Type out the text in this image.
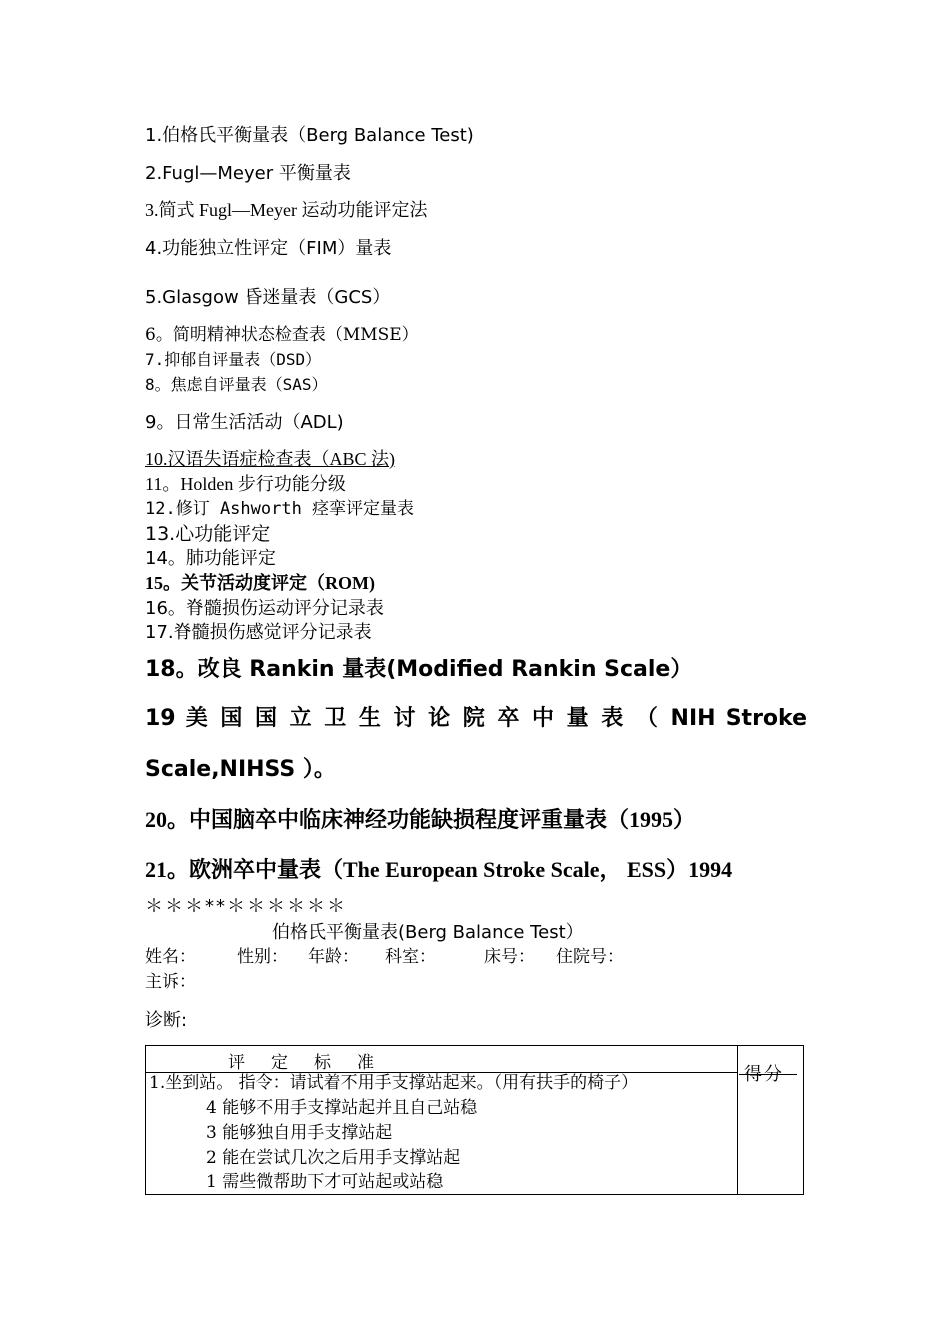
1.伯格氏平衡量表（Berg Balance Test)
2.Fugl—Meyer 平衡量表
3.简式 Fugl—Meyer 运动功能评定法
4.功能独立性评定（FIM）量表
5.Glasgow 昏迷量表（GCS）
6。简明精神状态检查表（MMSE）
7.抑郁自评量表（DSD）
8。焦虑自评量表（SAS）
9。日常生活活动（ADL)
10.汉语失语症检查表（ABC 法)
11。Holden 步行功能分级
12.修订 Ashworth 痉挛评定量表
13.心功能评定
14。肺功能评定
15。关节活动度评定（ROM)
16。脊髓损伤运动评分记录表
17.脊髓损伤感觉评分记录表
18。改良 Rankin 量表(Modified Rankin Scale）
19 美 国 国 立 卫 生 讨 论 院 卒 中 量 表 （ NIH Stroke
Scale,NIHSS ）。
20。中国脑卒中临床神经功能缺损程度评重量表（1995）
21。欧洲卒中量表（The European Stroke Scale， ESS）1994
＊＊＊**＊＊＊＊＊＊
伯格氏平衡量表(Berg Balance Test）
姓名： 性别： 年龄： 科室：	床号： 住院号：
主诉：
诊断:
评定标准
得分
1.坐到站。 指令：请试着不用手支撑站起来。（用有扶手的椅子）
4 能够不用手支撑站起并且自己站稳
3 能够独自用手支撑站起
2 能在尝试几次之后用手支撑站起
1 需些微帮助下才可站起或站稳
